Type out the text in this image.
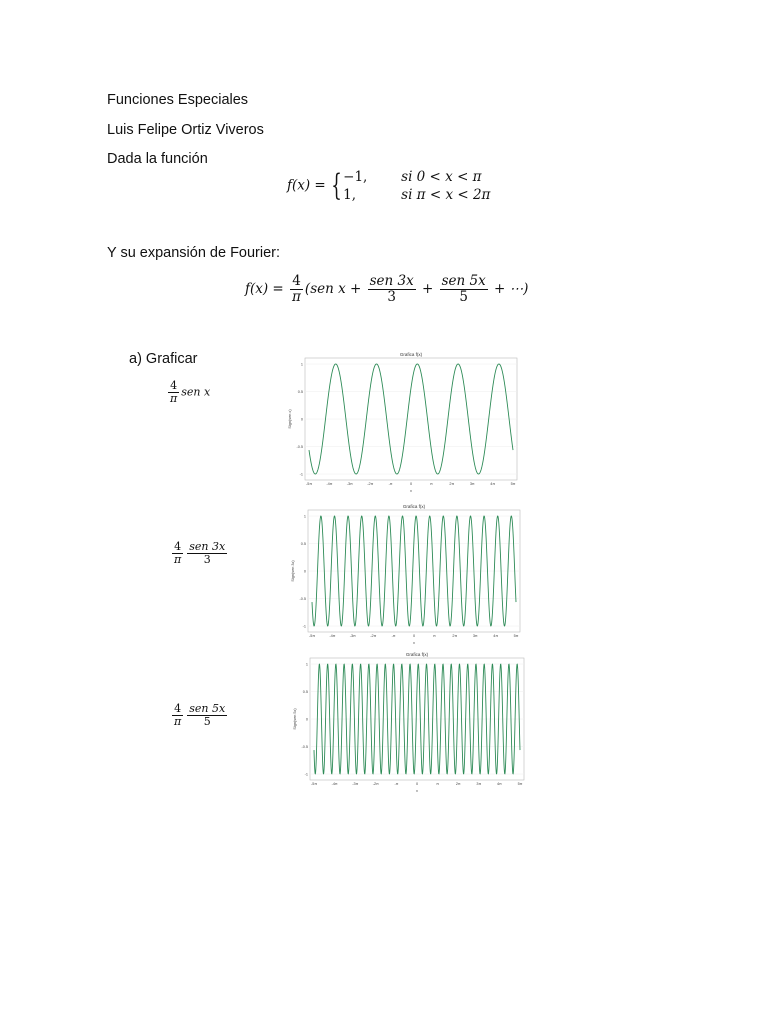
Funciones Especiales
Luis Felipe Ortiz Viveros
Dada la función
f(x) = { −1,	si 0 < x < π
1,	si π < x < 2π
Y su expansión de Fourier:
$f(x) = \frac{4}{\pi} (sen$ $x + \frac{\text{sen 3x}}{3} + \frac{\text{sen 5x}}{5}$ + ⋯)
a) Graficar
$\frac{4}{\pi}$ sen x
$\frac{4}{\pi} \frac{\text{sen 3x}}{3}$
$\frac{4}{\pi} \frac{\text{sen 5x}}{5}$
Grafica f(x)
1
0.5
0
-0.5
-1
-5π	-4π	-3π	-2π	-π	0	π	2π	3π	4π	5π
x
Sign(sen x)
Grafica f(x)
1
0.5
0
-0.5
-1
-5π	-4π	-3π	-2π	-π	0	π	2π	3π	4π	5π
x
Sign(sen 3x)
Grafica f(x)
1
0.5
0
-0.5
-1
-5π	-4π	-3π	-2π	-π	0	π	2π	3π	4π	5π
x
Sign(sen 5x)
